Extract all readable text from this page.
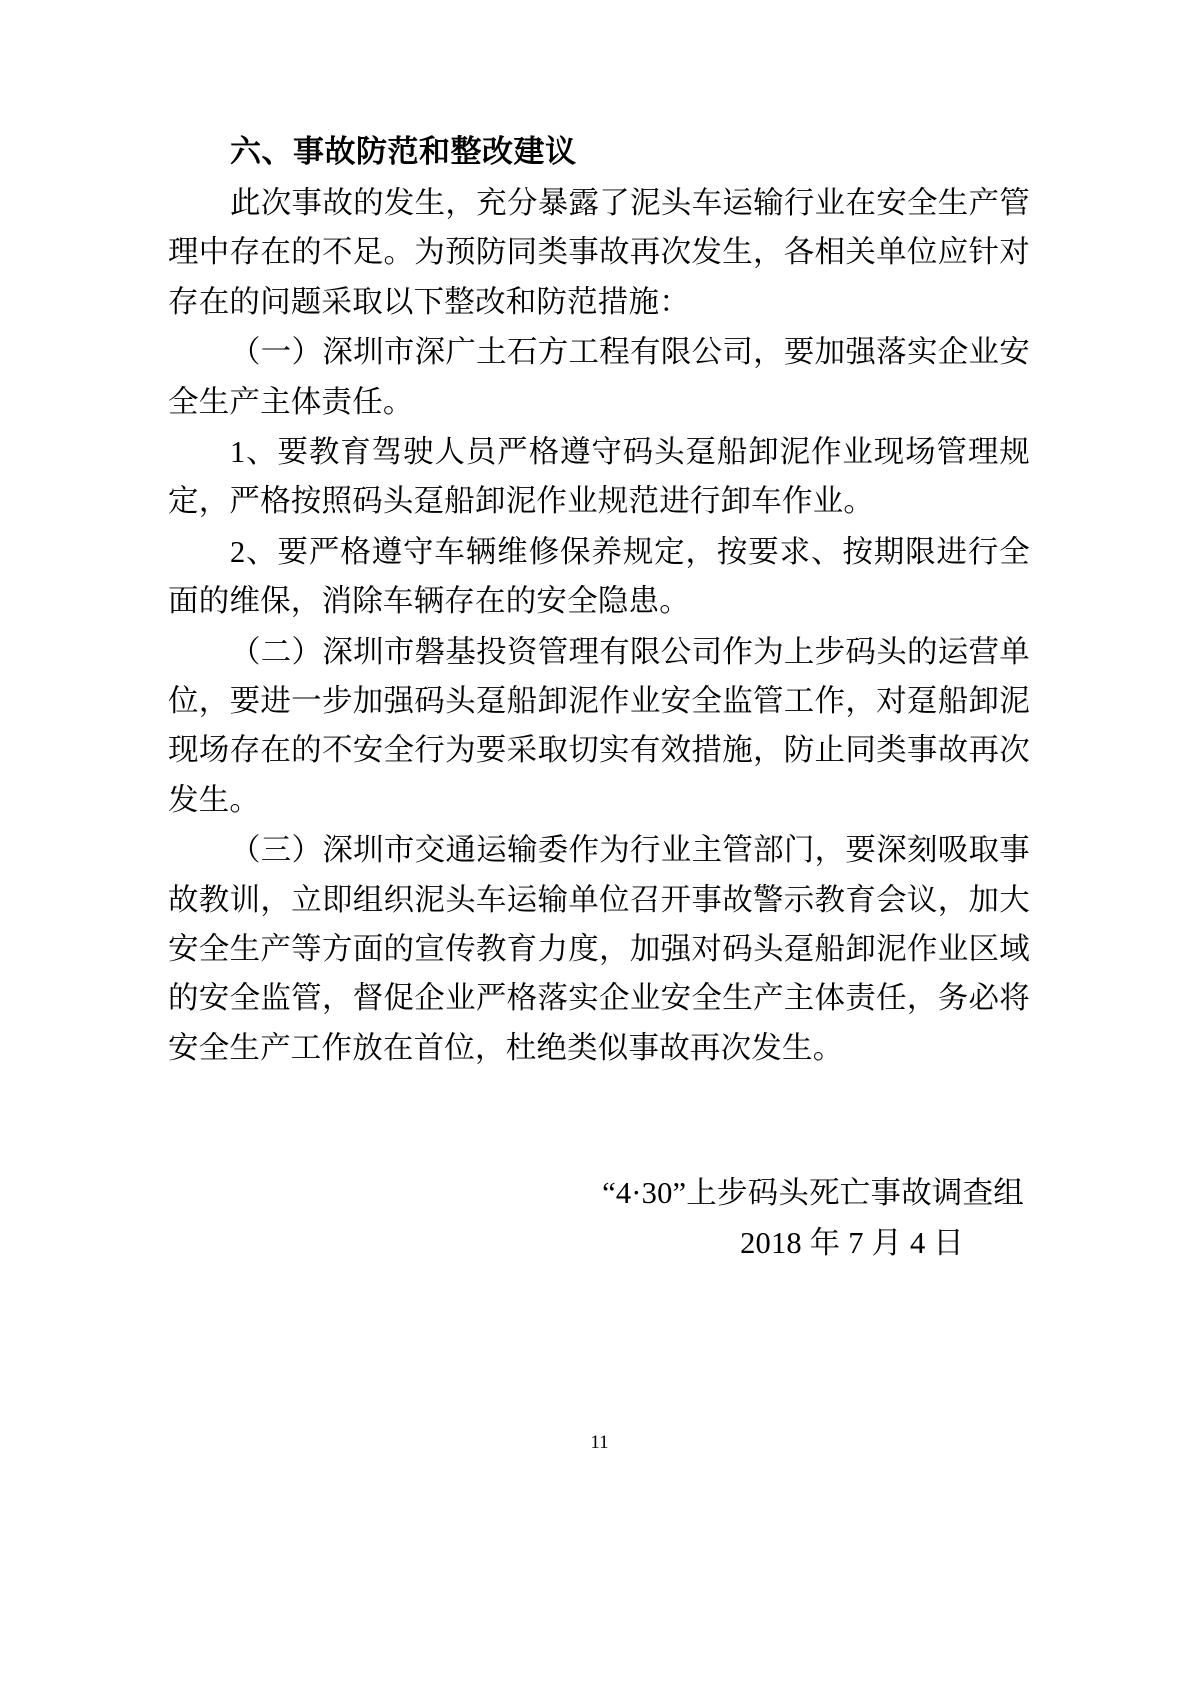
六、事故防范和整改建议

此次事故的发生，充分暴露了泥头车运输行业在安全生产管理中存在的不足。为预防同类事故再次发生，各相关单位应针对存在的问题采取以下整改和防范措施：

（一）深圳市深广土石方工程有限公司，要加强落实企业安全生产主体责任。

1、要教育驾驶人员严格遵守码头趸船卸泥作业现场管理规定，严格按照码头趸船卸泥作业规范进行卸车作业。

2、要严格遵守车辆维修保养规定，按要求、按期限进行全面的维保，消除车辆存在的安全隐患。

（二）深圳市磐基投资管理有限公司作为上步码头的运营单位，要进一步加强码头趸船卸泥作业安全监管工作，对趸船卸泥现场存在的不安全行为要采取切实有效措施，防止同类事故再次发生。

（三）深圳市交通运输委作为行业主管部门，要深刻吸取事故教训，立即组织泥头车运输单位召开事故警示教育会议，加大安全生产等方面的宣传教育力度，加强对码头趸船卸泥作业区域的安全监管，督促企业严格落实企业安全生产主体责任，务必将安全生产工作放在首位，杜绝类似事故再次发生。

“4·30”上步码头死亡事故调查组
2018 年 7 月 4 日
11
